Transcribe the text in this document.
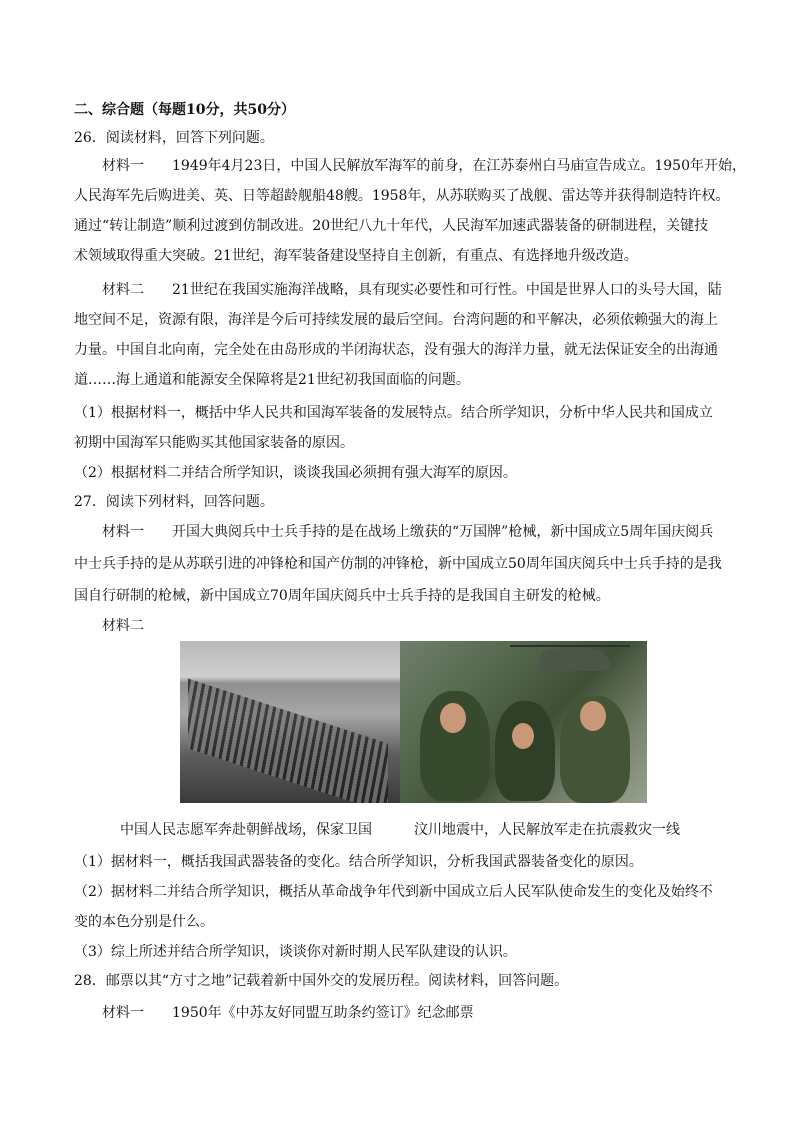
二、综合题（每题10分，共50分）
26．阅读材料，回答下列问题。
材料一　　1949年4月23日，中国人民解放军海军的前身，在江苏泰州白马庙宣告成立。1950年开始，
人民海军先后购进美、英、日等超龄舰船48艘。1958年，从苏联购买了战舰、雷达等并获得制造特许权。
通过“转让制造”顺利过渡到仿制改进。20世纪八九十年代，人民海军加速武器装备的研制进程，关键技
术领域取得重大突破。21世纪，海军装备建设坚持自主创新，有重点、有选择地升级改造。
材料二　　21世纪在我国实施海洋战略，具有现实必要性和可行性。中国是世界人口的头号大国，陆
地空间不足，资源有限，海洋是今后可持续发展的最后空间。台湾问题的和平解决，必须依赖强大的海上
力量。中国自北向南，完全处在由岛形成的半闭海状态，没有强大的海洋力量，就无法保证安全的出海通
道……海上通道和能源安全保障将是21世纪初我国面临的问题。
（1）根据材料一，概括中华人民共和国海军装备的发展特点。结合所学知识，分析中华人民共和国成立
初期中国海军只能购买其他国家装备的原因。
（2）根据材料二并结合所学知识，谈谈我国必须拥有强大海军的原因。
27．阅读下列材料，回答问题。
材料一　　开国大典阅兵中士兵手持的是在战场上缴获的“万国牌”枪械，新中国成立5周年国庆阅兵
中士兵手持的是从苏联引进的冲锋枪和国产仿制的冲锋枪，新中国成立50周年国庆阅兵中士兵手持的是我
国自行研制的枪械，新中国成立70周年国庆阅兵中士兵手持的是我国自主研发的枪械。
材料二
中国人民志愿军奔赴朝鲜战场，保家卫国	汶川地震中，人民解放军走在抗震救灾一线
（1）据材料一，概括我国武器装备的变化。结合所学知识，分析我国武器装备变化的原因。
（2）据材料二并结合所学知识，概括从革命战争年代到新中国成立后人民军队使命发生的变化及始终不
变的本色分别是什么。
（3）综上所述并结合所学知识，谈谈你对新时期人民军队建设的认识。
28．邮票以其“方寸之地”记载着新中国外交的发展历程。阅读材料，回答问题。
材料一　　1950年《中苏友好同盟互助条约签订》纪念邮票
